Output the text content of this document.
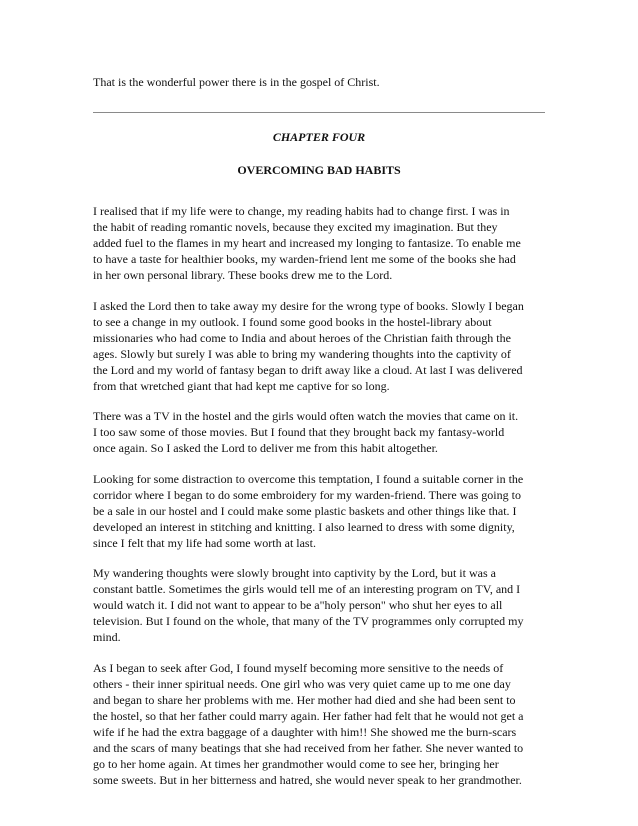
That is the wonderful power there is in the gospel of Christ.
CHAPTER FOUR
OVERCOMING BAD HABITS

I realised that if my life were to change, my reading habits had to change first. I was in
the habit of reading romantic novels, because they excited my imagination. But they
added fuel to the flames in my heart and increased my longing to fantasize. To enable me
to have a taste for healthier books, my warden-friend lent me some of the books she had
in her own personal library. These books drew me to the Lord.

I asked the Lord then to take away my desire for the wrong type of books. Slowly I began
to see a change in my outlook. I found some good books in the hostel-library about
missionaries who had come to India and about heroes of the Christian faith through the
ages. Slowly but surely I was able to bring my wandering thoughts into the captivity of
the Lord and my world of fantasy began to drift away like a cloud. At last I was delivered
from that wretched giant that had kept me captive for so long.

There was a TV in the hostel and the girls would often watch the movies that came on it.
I too saw some of those movies. But I found that they brought back my fantasy-world
once again. So I asked the Lord to deliver me from this habit altogether.

Looking for some distraction to overcome this temptation, I found a suitable corner in the
corridor where I began to do some embroidery for my warden-friend. There was going to
be a sale in our hostel and I could make some plastic baskets and other things like that. I
developed an interest in stitching and knitting. I also learned to dress with some dignity,
since I felt that my life had some worth at last.

My wandering thoughts were slowly brought into captivity by the Lord, but it was a
constant battle. Sometimes the girls would tell me of an interesting program on TV, and I
would watch it. I did not want to appear to be a"holy person" who shut her eyes to all
television. But I found on the whole, that many of the TV programmes only corrupted my
mind.

As I began to seek after God, I found myself becoming more sensitive to the needs of
others - their inner spiritual needs. One girl who was very quiet came up to me one day
and began to share her problems with me. Her mother had died and she had been sent to
the hostel, so that her father could marry again. Her father had felt that he would not get a
wife if he had the extra baggage of a daughter with him!! She showed me the burn-scars
and the scars of many beatings that she had received from her father. She never wanted to
go to her home again. At times her grandmother would come to see her, bringing her
some sweets. But in her bitterness and hatred, she would never speak to her grandmother.
